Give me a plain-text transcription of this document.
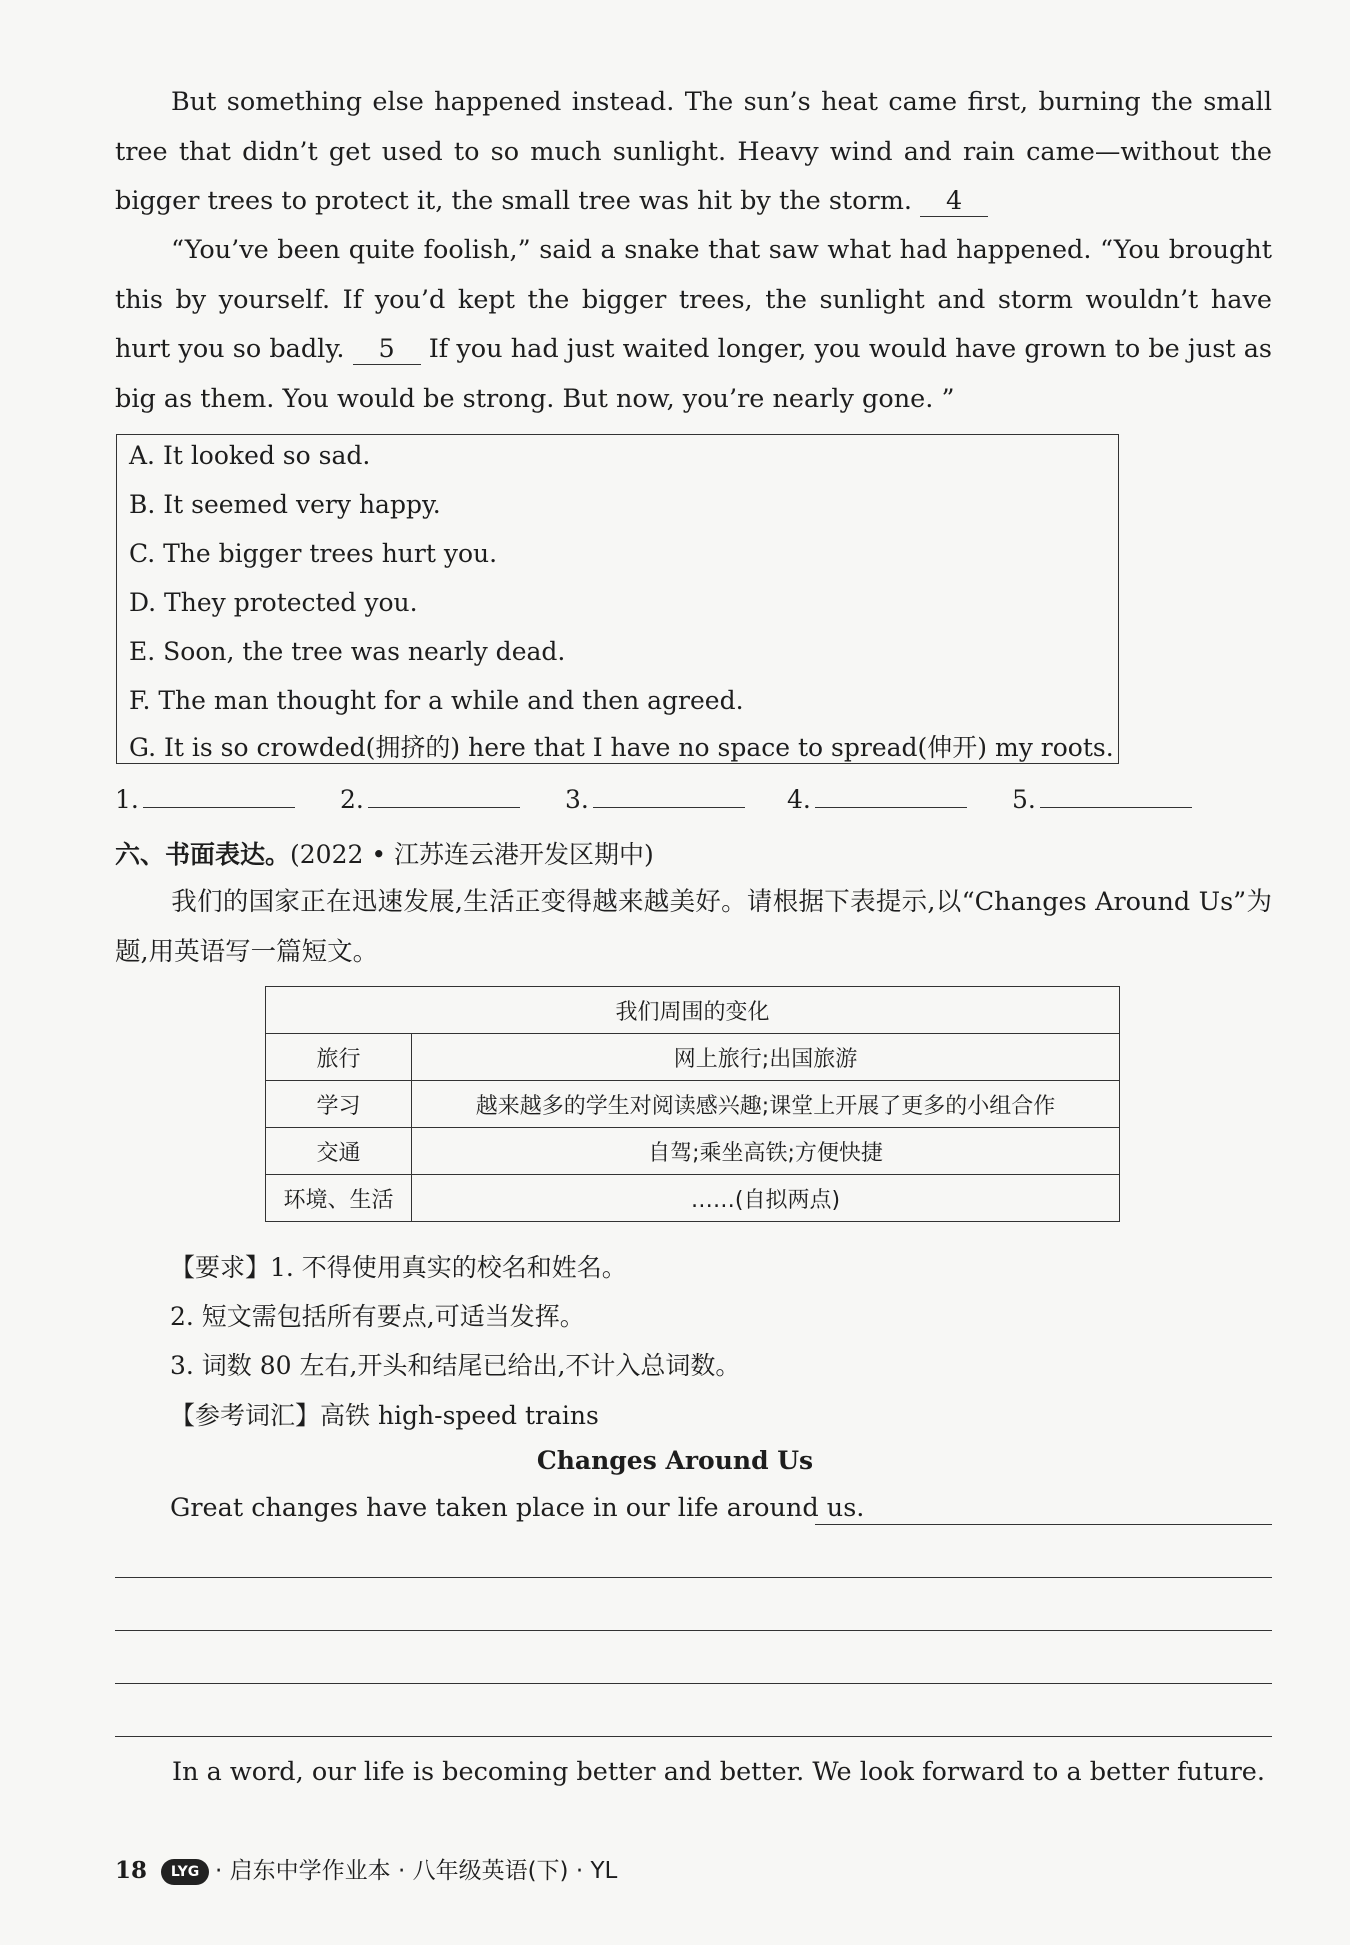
But something else happened instead. The sun’s heat came first, burning the small tree that didn’t get used to so much sunlight. Heavy wind and rain came—without the bigger trees to protect it, the small tree was hit by the storm. 4

“You’ve been quite foolish,” said a snake that saw what had happened. “You brought this by yourself. If you’d kept the bigger trees, the sunlight and storm wouldn’t have hurt you so badly. 5 If you had just waited longer, you would have grown to be just as big as them. You would be strong. But now, you’re nearly gone. ”

A. It looked so sad.
B. It seemed very happy.
C. The bigger trees hurt you.
D. They protected you.
E. Soon, the tree was nearly dead.
F. The man thought for a while and then agreed.
G. It is so crowded(拥挤的) here that I have no space to spread(伸开) my roots.
1.	2.	3.	4.	5.
六、书面表达。(2022 • 江苏连云港开发区期中)

我们的国家正在迅速发展,生活正变得越来越美好。请根据下表提示,以“Changes Around Us”为题,用英语写一篇短文。

我们周围的变化	
旅行	网上旅行;出国旅游
学习	越来越多的学生对阅读感兴趣;课堂上开展了更多的小组合作
交通	自驾;乘坐高铁;方便快捷
环境、生活	……(自拟两点)
【要求】1. 不得使用真实的校名和姓名。
2. 短文需包括所有要点,可适当发挥。
3. 词数 80 左右,开头和结尾已给出,不计入总词数。
【参考词汇】高铁 high-speed trains
Changes Around Us
Great changes have taken place in our life around us.
In a word, our life is becoming better and better. We look forward to a better future.
18 LYG · 启东中学作业本 · 八年级英语(下) · YL
